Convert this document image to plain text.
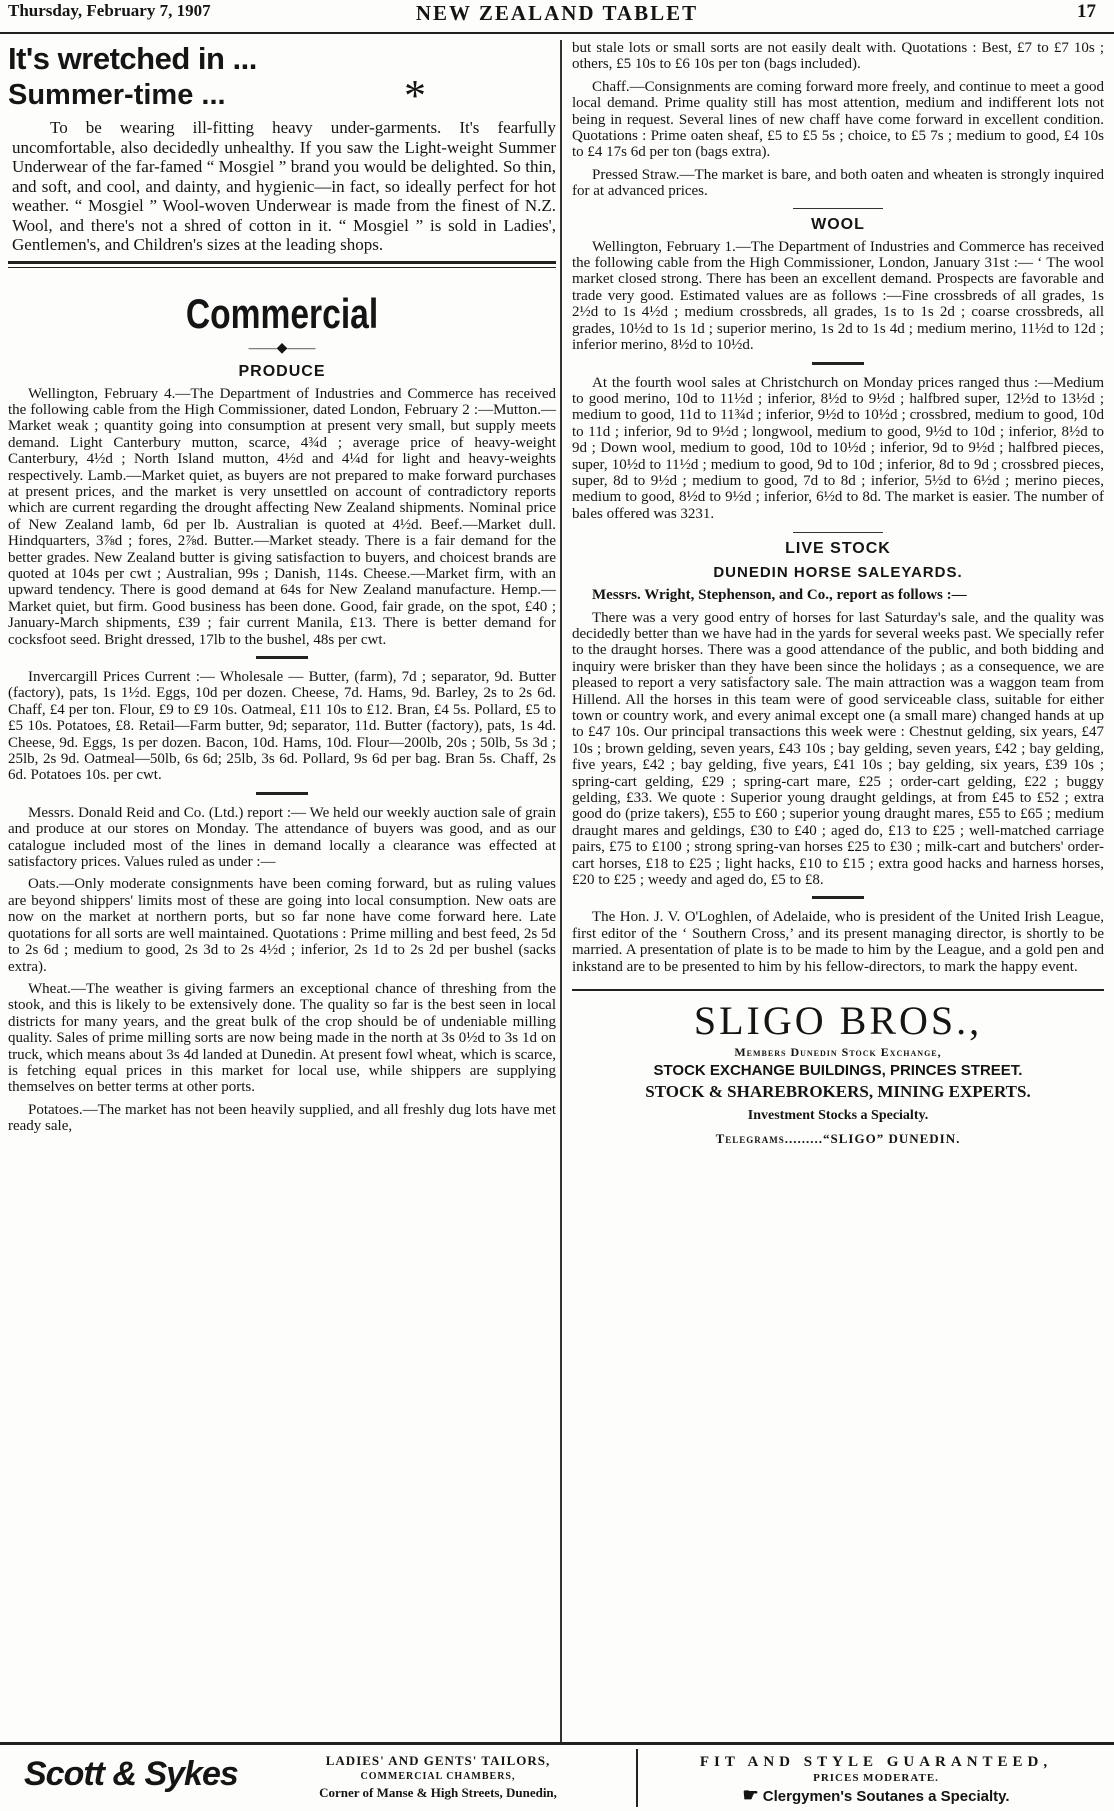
Thursday, February 7, 1907	NEW ZEALAND TABLET	17
It's wretched in ...
Summer-time ...	*

To be wearing ill-fitting heavy under-garments. It's fearfully uncomfortable, also decidedly unhealthy. If you saw the Light-weight Summer Underwear of the far-famed “ Mosgiel ” brand you would be delighted. So thin, and soft, and cool, and dainty, and hygienic—in fact, so ideally perfect for hot weather. “ Mosgiel ” Wool-woven Underwear is made from the finest of N.Z. Wool, and there's not a shred of cotton in it. “ Mosgiel ” is sold in Ladies', Gentlemen's, and Children's sizes at the leading shops.

Commercial
——◆——
PRODUCE

Wellington, February 4.—The Department of Industries and Commerce has received the following cable from the High Commissioner, dated London, February 2 :—Mutton.—Market weak ; quantity going into consumption at present very small, but supply meets demand. Light Canterbury mutton, scarce, 4¾d ; average price of heavy-weight Canterbury, 4½d ; North Island mutton, 4½d and 4¼d for light and heavy-weights respectively. Lamb.—Market quiet, as buyers are not prepared to make forward purchases at present prices, and the market is very unsettled on account of contradictory reports which are current regarding the drought affecting New Zealand shipments. Nominal price of New Zealand lamb, 6d per lb. Australian is quoted at 4½d. Beef.—Market dull. Hindquarters, 3⅞d ; fores, 2⅞d. Butter.—Market steady. There is a fair demand for the better grades. New Zealand butter is giving satisfaction to buyers, and choicest brands are quoted at 104s per cwt ; Australian, 99s ; Danish, 114s. Cheese.—Market firm, with an upward tendency. There is good demand at 64s for New Zealand manufacture. Hemp.—Market quiet, but firm. Good business has been done. Good, fair grade, on the spot, £40 ; January-March shipments, £39 ; fair current Manila, £13. There is better demand for cocksfoot seed. Bright dressed, 17lb to the bushel, 48s per cwt.

Invercargill Prices Current :— Wholesale — Butter, (farm), 7d ; separator, 9d. Butter (factory), pats, 1s 1½d. Eggs, 10d per dozen. Cheese, 7d. Hams, 9d. Barley, 2s to 2s 6d. Chaff, £4 per ton. Flour, £9 to £9 10s. Oatmeal, £11 10s to £12. Bran, £4 5s. Pollard, £5 to £5 10s. Potatoes, £8. Retail—Farm butter, 9d; separator, 11d. Butter (factory), pats, 1s 4d. Cheese, 9d. Eggs, 1s per dozen. Bacon, 10d. Hams, 10d. Flour—200lb, 20s ; 50lb, 5s 3d ; 25lb, 2s 9d. Oatmeal—50lb, 6s 6d; 25lb, 3s 6d. Pollard, 9s 6d per bag. Bran 5s. Chaff, 2s 6d. Potatoes 10s. per cwt.

Messrs. Donald Reid and Co. (Ltd.) report :— We held our weekly auction sale of grain and produce at our stores on Monday. The attendance of buyers was good, and as our catalogue included most of the lines in demand locally a clearance was effected at satisfactory prices. Values ruled as under :—

Oats.—Only moderate consignments have been coming forward, but as ruling values are beyond shippers' limits most of these are going into local consumption. New oats are now on the market at northern ports, but so far none have come forward here. Late quotations for all sorts are well maintained. Quotations : Prime milling and best feed, 2s 5d to 2s 6d ; medium to good, 2s 3d to 2s 4½d ; inferior, 2s 1d to 2s 2d per bushel (sacks extra).

Wheat.—The weather is giving farmers an exceptional chance of threshing from the stook, and this is likely to be extensively done. The quality so far is the best seen in local districts for many years, and the great bulk of the crop should be of undeniable milling quality. Sales of prime milling sorts are now being made in the north at 3s 0½d to 3s 1d on truck, which means about 3s 4d landed at Dunedin. At present fowl wheat, which is scarce, is fetching equal prices in this market for local use, while shippers are supplying themselves on better terms at other ports.

Potatoes.—The market has not been heavily supplied, and all freshly dug lots have met ready sale,

but stale lots or small sorts are not easily dealt with. Quotations : Best, £7 to £7 10s ; others, £5 10s to £6 10s per ton (bags included).

Chaff.—Consignments are coming forward more freely, and continue to meet a good local demand. Prime quality still has most attention, medium and indifferent lots not being in request. Several lines of new chaff have come forward in excellent condition. Quotations : Prime oaten sheaf, £5 to £5 5s ; choice, to £5 7s ; medium to good, £4 10s to £4 17s 6d per ton (bags extra).

Pressed Straw.—The market is bare, and both oaten and wheaten is strongly inquired for at advanced prices.

WOOL

Wellington, February 1.—The Department of Industries and Commerce has received the following cable from the High Commissioner, London, January 31st :— ‘ The wool market closed strong. There has been an excellent demand. Prospects are favorable and trade very good. Estimated values are as follows :—Fine crossbreds of all grades, 1s 2½d to 1s 4½d ; medium crossbreds, all grades, 1s to 1s 2d ; coarse crossbreds, all grades, 10½d to 1s 1d ; superior merino, 1s 2d to 1s 4d ; medium merino, 11½d to 12d ; inferior merino, 8½d to 10½d.

At the fourth wool sales at Christchurch on Monday prices ranged thus :—Medium to good merino, 10d to 11½d ; inferior, 8½d to 9½d ; halfbred super, 12½d to 13½d ; medium to good, 11d to 11¾d ; inferior, 9½d to 10½d ; crossbred, medium to good, 10d to 11d ; inferior, 9d to 9½d ; longwool, medium to good, 9½d to 10d ; inferior, 8½d to 9d ; Down wool, medium to good, 10d to 10½d ; inferior, 9d to 9½d ; halfbred pieces, super, 10½d to 11½d ; medium to good, 9d to 10d ; inferior, 8d to 9d ; crossbred pieces, super, 8d to 9½d ; medium to good, 7d to 8d ; inferior, 5½d to 6½d ; merino pieces, medium to good, 8½d to 9½d ; inferior, 6½d to 8d. The market is easier. The number of bales offered was 3231.

LIVE STOCK
DUNEDIN HORSE SALEYARDS.

Messrs. Wright, Stephenson, and Co., report as follows :—

There was a very good entry of horses for last Saturday's sale, and the quality was decidedly better than we have had in the yards for several weeks past. We specially refer to the draught horses. There was a good attendance of the public, and both bidding and inquiry were brisker than they have been since the holidays ; as a consequence, we are pleased to report a very satisfactory sale. The main attraction was a waggon team from Hillend. All the horses in this team were of good serviceable class, suitable for either town or country work, and every animal except one (a small mare) changed hands at up to £47 10s. Our principal transactions this week were : Chestnut gelding, six years, £47 10s ; brown gelding, seven years, £43 10s ; bay gelding, seven years, £42 ; bay gelding, five years, £42 ; bay gelding, five years, £41 10s ; bay gelding, six years, £39 10s ; spring-cart gelding, £29 ; spring-cart mare, £25 ; order-cart gelding, £22 ; buggy gelding, £33. We quote : Superior young draught geldings, at from £45 to £52 ; extra good do (prize takers), £55 to £60 ; superior young draught mares, £55 to £65 ; medium draught mares and geldings, £30 to £40 ; aged do, £13 to £25 ; well-matched carriage pairs, £75 to £100 ; strong spring-van horses £25 to £30 ; milk-cart and butchers' order-cart horses, £18 to £25 ; light hacks, £10 to £15 ; extra good hacks and harness horses, £20 to £25 ; weedy and aged do, £5 to £8.

The Hon. J. V. O'Loghlen, of Adelaide, who is president of the United Irish League, first editor of the ‘ Southern Cross,’ and its present managing director, is shortly to be married. A presentation of plate is to be made to him by the League, and a gold pen and inkstand are to be presented to him by his fellow-directors, to mark the happy event.

SLIGO BROS.,
Members Dunedin Stock Exchange,
STOCK EXCHANGE BUILDINGS, PRINCES STREET.
STOCK & SHAREBROKERS, MINING EXPERTS.
Investment Stocks a Specialty.
Telegrams.........“SLIGO” DUNEDIN.
Scott & Sykes	LADIES' AND GENTS' TAILORS,
COMMERCIAL CHAMBERS,
Corner of Manse & High Streets, Dunedin,
FIT AND STYLE GUARANTEED,
PRICES MODERATE.
☛ Clergymen's Soutanes a Specialty.
